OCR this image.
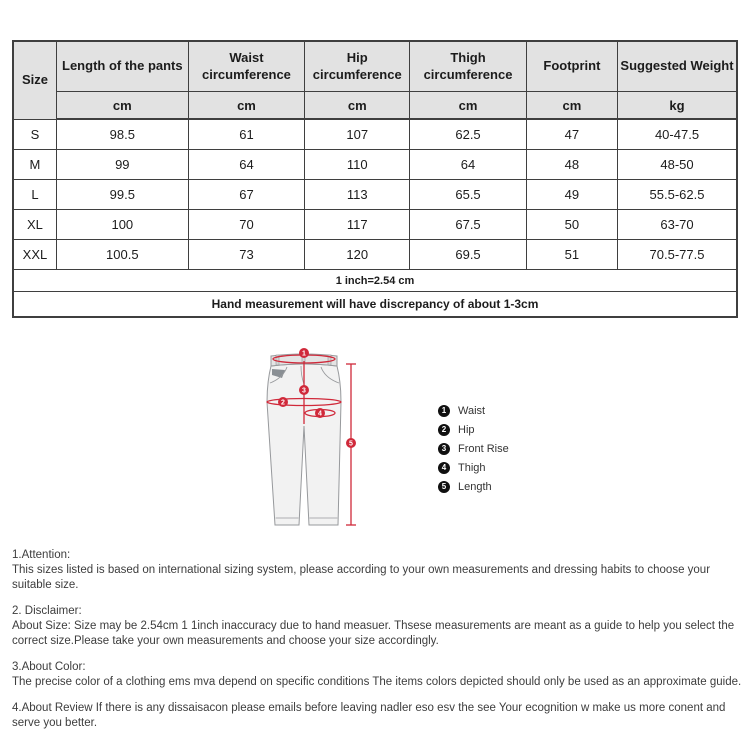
Size	Length of the pants	Waist circumference	Hip circumference	Thigh circumference	Footprint	Suggested Weight
	cm	cm	cm	cm	cm	kg
S	98.5	61	107	62.5	47	40-47.5
M	99	64	110	64	48	48-50
L	99.5	67	113	65.5	49	55.5-62.5
XL	100	70	117	67.5	50	63-70
XXL	100.5	73	120	69.5	51	70.5-77.5
1 inch=2.54 cm						
Hand measurement will have discrepancy of about 1-3cm						
1
3
2
4
5
1	Waist
2	Hip
3	Front Rise
4	Thigh
5	Length
1.Attention:
This sizes listed is based on international sizing system, please according to your own measurements and dressing habits to choose your suitable size.
2. Disclaimer:
About Size: Size may be 2.54cm 1 1inch inaccuracy due to hand measuer. Thsese measurements are meant as a guide to help you select the correct size.Please take your own measurements and choose your size accordingly.
3.About Color:
The precise color of a clothing ems mva depend on specific conditions The items colors depicted should only be used as an approximate guide.
4.About Review If there is any dissaisacon please emails before leaving nadler eso esv the see Your ecognition w make us more conent and serve you better.
